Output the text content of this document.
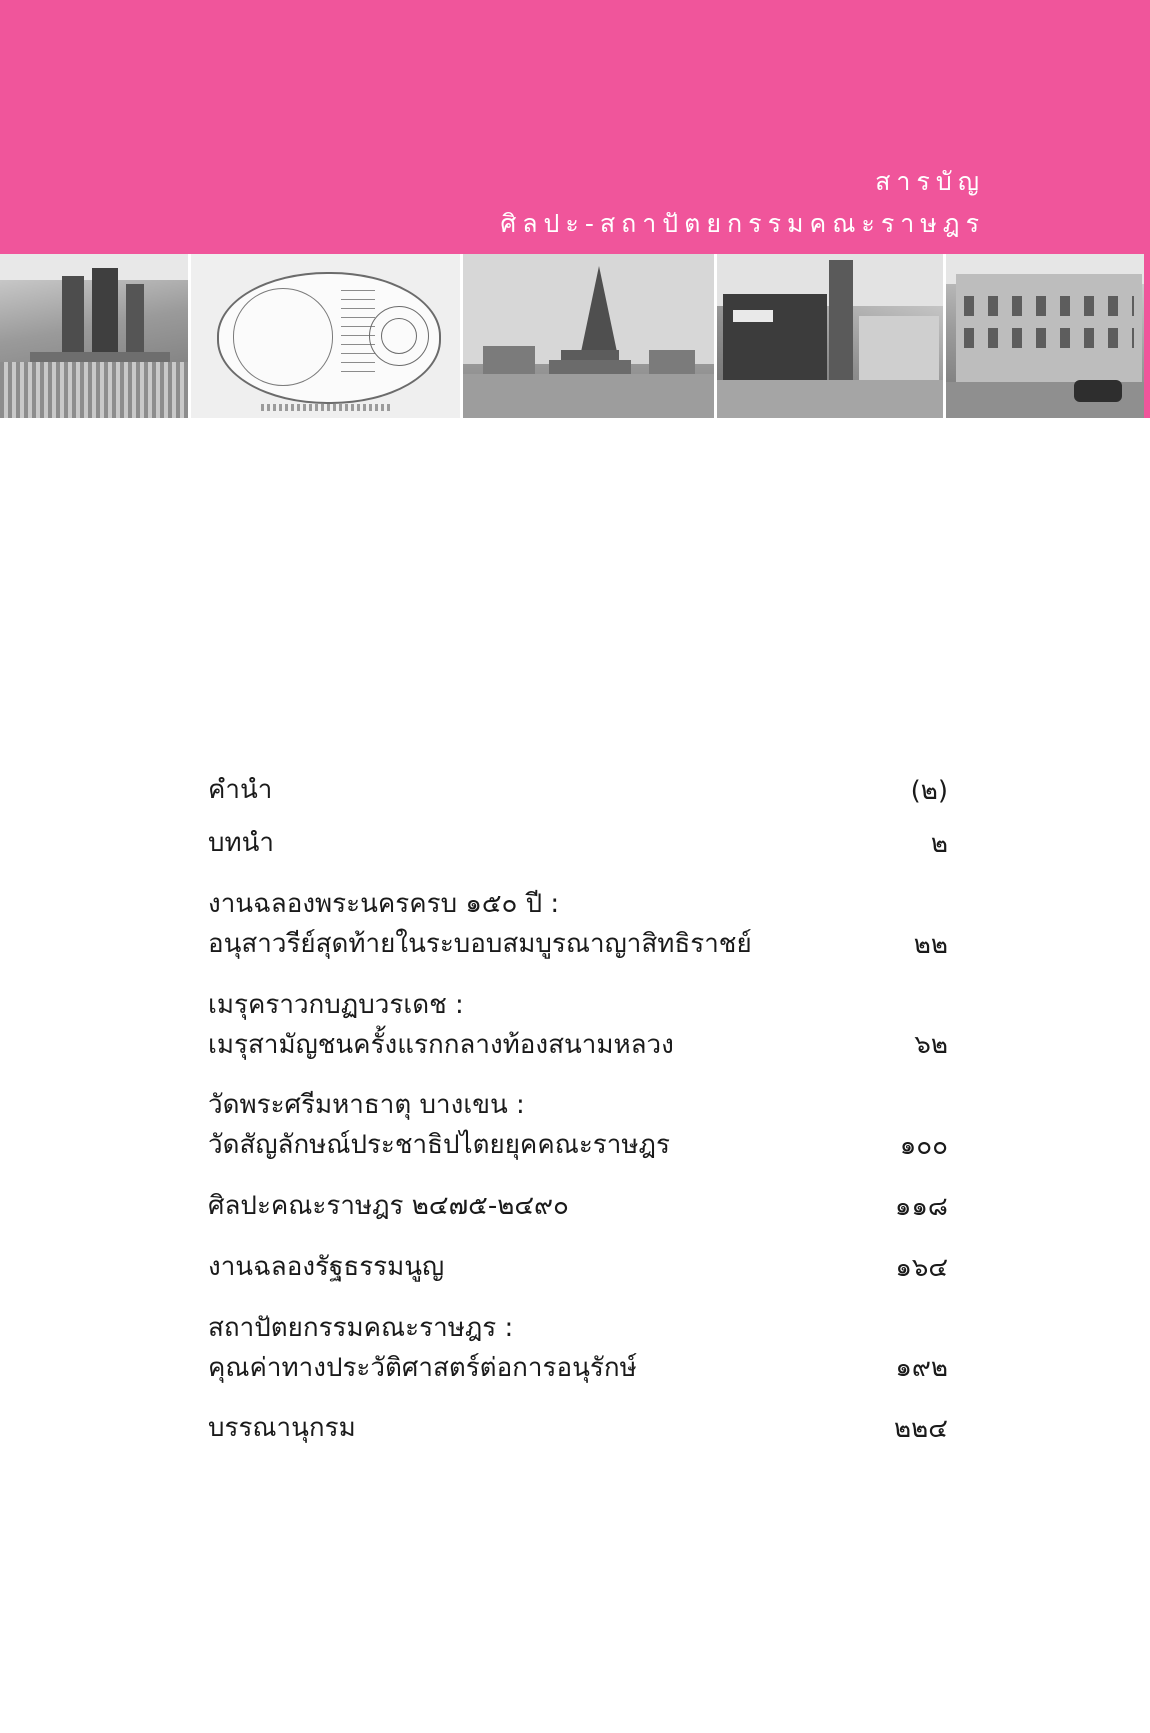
สารบัญ
ศิลปะ-สถาปัตยกรรมคณะราษฎร
คำนำ	(๒)
บทนำ	๒
งานฉลองพระนครครบ ๑๕๐ ปี :
อนุสาวรีย์สุดท้ายในระบอบสมบูรณาญาสิทธิราชย์	๒๒
เมรุคราวกบฏบวรเดช :
เมรุสามัญชนครั้งแรกกลางท้องสนามหลวง	๖๒
วัดพระศรีมหาธาตุ บางเขน :
วัดสัญลักษณ์ประชาธิปไตยยุคคณะราษฎร	๑๐๐
ศิลปะคณะราษฎร ๒๔๗๕-๒๔๙๐	๑๑๘
งานฉลองรัฐธรรมนูญ	๑๖๔
สถาปัตยกรรมคณะราษฎร :
คุณค่าทางประวัติศาสตร์ต่อการอนุรักษ์	๑๙๒
บรรณานุกรม	๒๒๔
